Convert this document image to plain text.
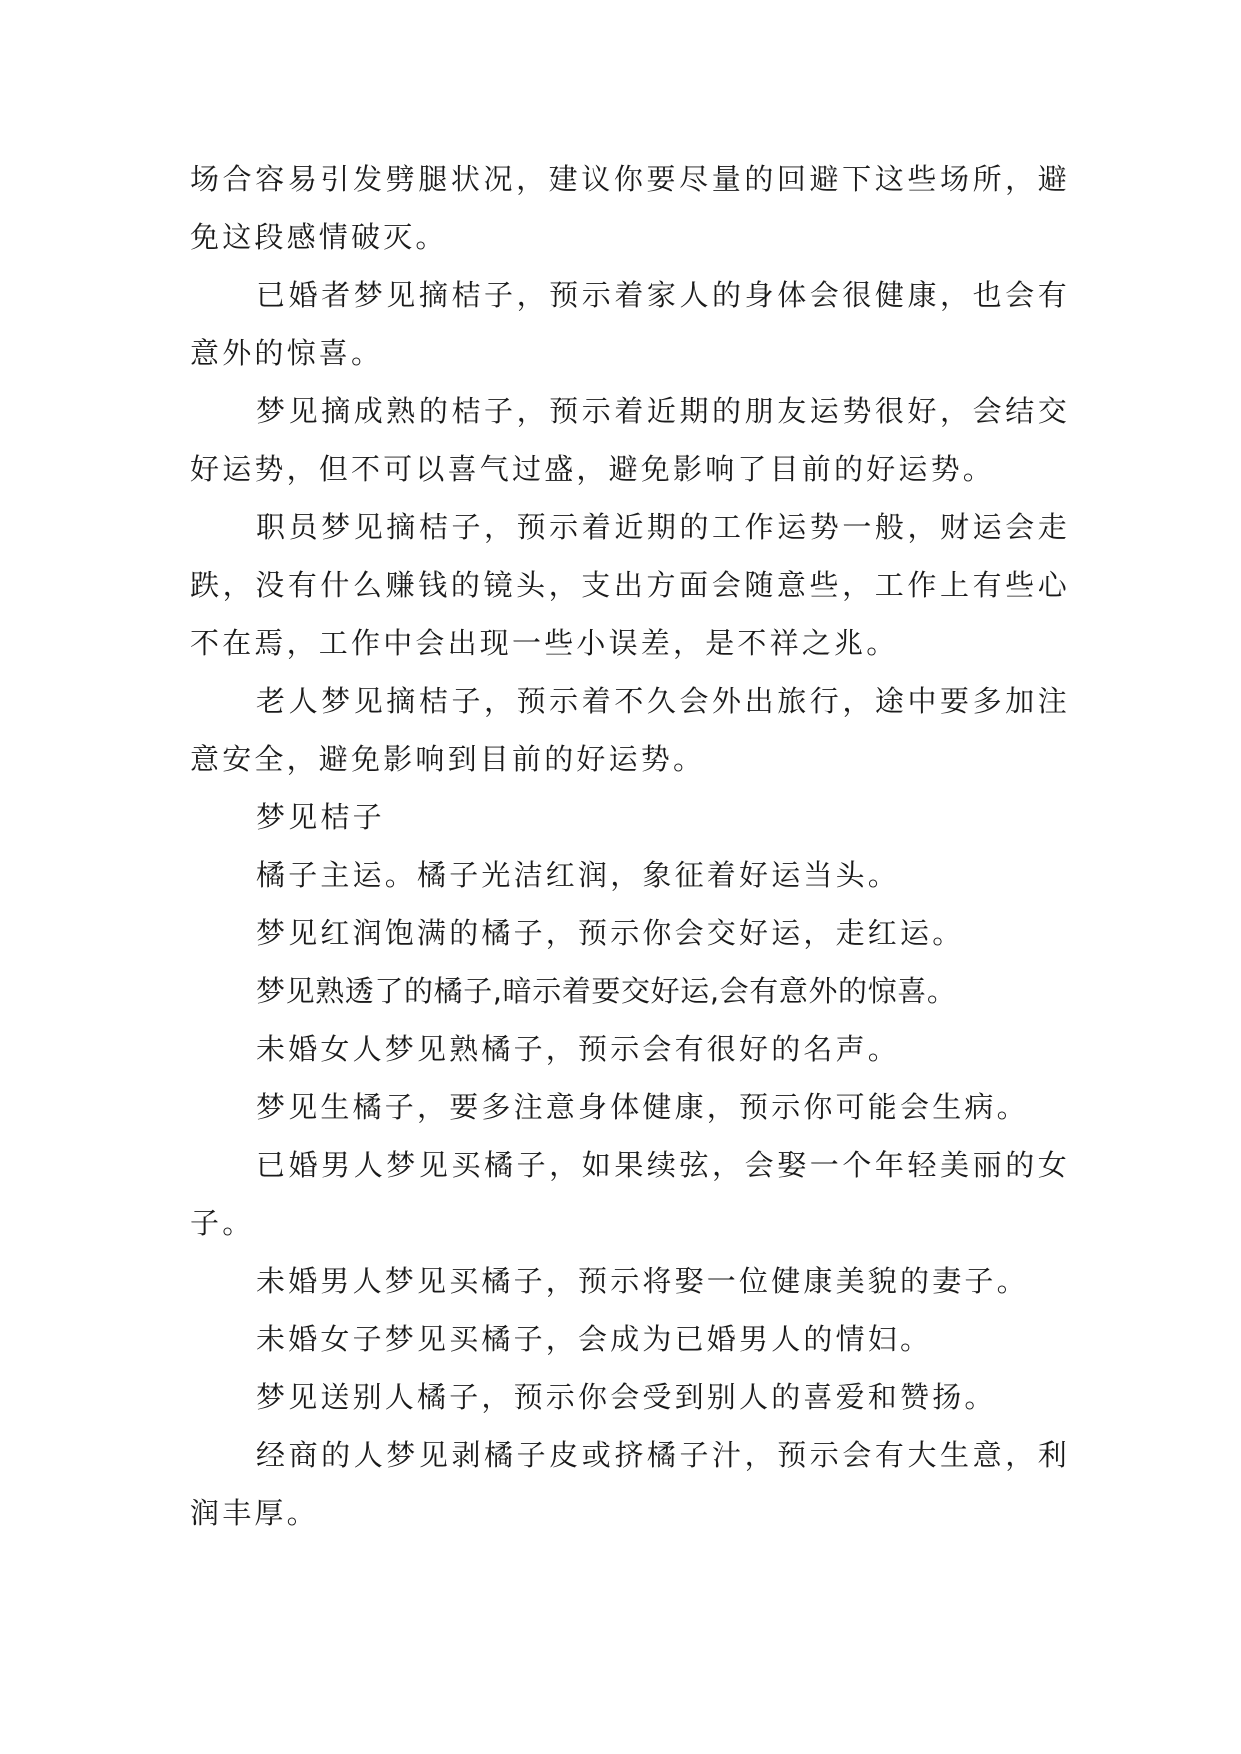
场合容易引发劈腿状况，建议你要尽量的回避下这些场所，避免这段感情破灭。

已婚者梦见摘桔子，预示着家人的身体会很健康，也会有意外的惊喜。

梦见摘成熟的桔子，预示着近期的朋友运势很好，会结交好运势，但不可以喜气过盛，避免影响了目前的好运势。

职员梦见摘桔子，预示着近期的工作运势一般，财运会走跌，没有什么赚钱的镜头，支出方面会随意些，工作上有些心不在焉，工作中会出现一些小误差，是不祥之兆。

老人梦见摘桔子，预示着不久会外出旅行，途中要多加注意安全，避免影响到目前的好运势。

梦见桔子

橘子主运。橘子光洁红润，象征着好运当头。

梦见红润饱满的橘子，预示你会交好运，走红运。

梦见熟透了的橘子,暗示着要交好运,会有意外的惊喜。

未婚女人梦见熟橘子，预示会有很好的名声。

梦见生橘子，要多注意身体健康，预示你可能会生病。

已婚男人梦见买橘子，如果续弦，会娶一个年轻美丽的女子。

未婚男人梦见买橘子，预示将娶一位健康美貌的妻子。

未婚女子梦见买橘子，会成为已婚男人的情妇。

梦见送别人橘子，预示你会受到别人的喜爱和赞扬。

经商的人梦见剥橘子皮或挤橘子汁，预示会有大生意，利润丰厚。
